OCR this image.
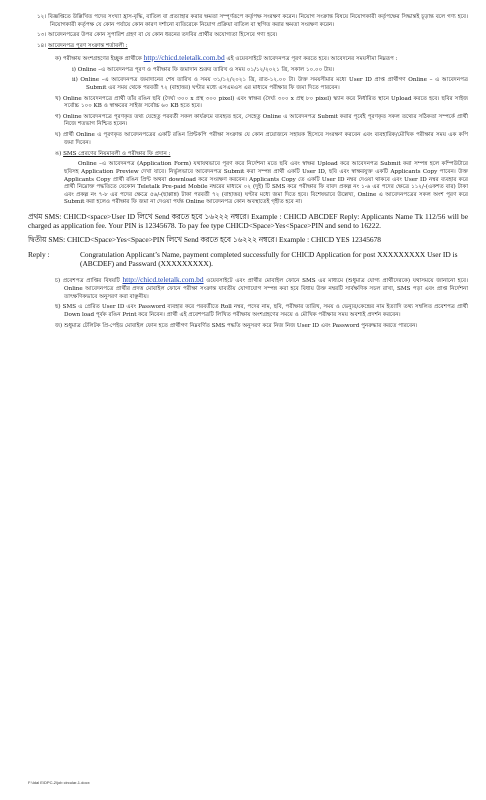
১২। বিজ্ঞপ্তিতে উল্লিখিত পদের সংখ্যা হ্রাস-বৃদ্ধি, বাতিল বা প্রত্যাহার করার ক্ষমতা সম্পূর্ণরূপে কর্তৃপক্ষ সংরক্ষণ করেন। নিয়োগ সংক্রান্ত বিষয়ে নিয়োগকারী কর্তৃপক্ষের সিদ্ধান্তই চূড়ান্ত বলে গণ্য হবে। নিয়োগকারী কর্তৃপক্ষ যে কোন পর্যায়ে কোন কারণ দর্শানো ব্যতিরেকে নিয়োগ প্রক্রিয়া বাতিল বা স্থগিত করার ক্ষমতা সংরক্ষণ করেন।

১৩। আবেদনপত্রের উপর কোন সুপারিশ গ্রহণ বা যে কোন ধরনের তদবির প্রার্থীর অযোগ্যতা হিসেবে গণ্য হবে।

১৪। আবেদনপত্র পূরণ সংক্রান্ত শর্তাবলী :

ক) পরীক্ষায় অংশগ্রহণের ইচ্ছুক প্রার্থীকে http://chicd.teletalk.com.bd এই ওয়েবসাইটে আবেদনপত্র পূরণ করতে হবে। আবেদনের সময়সীমা নিম্নরূপ :

i) Online –এ আবেদনপত্র পূরণ ও পরীক্ষার ফি জমাদান শুরুর তারিখ ও সময় ০১/১২/২০২১ খ্রি, সকাল ১০.০০ টায়।

ii) Online –এ আবেদনপত্র জমাদানের শেষ তারিখ ও সময় ৩১/১২/২০২১ খ্রি, রাত-১২.০০ টা। উক্ত সময়সীমার মধ্যে User ID প্রাপ্ত প্রার্থীগণ Online – এ আবেদনপত্র Submit এর সময় থেকে পরবর্তী ৭২ (বাহাত্তর) ঘণ্টার মধ্যে এসএমএস এর মাধ্যমে পরীক্ষার ফি জমা দিতে পারবেন।

খ) Online আবেদনপত্রে প্রার্থী তাঁর রঙিন ছবি (দৈর্ঘ্য ৩০০ x প্রস্থ ৩০০ pixel) এবং স্বাক্ষর (দৈর্ঘ্য ৩০০ x প্রস্থ ৮০ pixel) স্ক্যান করে নির্ধারিত স্থানে Upload করতে হবে। ছবির সাইজ সর্বোচ্চ ১০০ KB ও স্বাক্ষরের সাইজ সর্বোচ্চ ৬০ KB হতে হবে।

গ) Online আবেদনপত্রে পূরণকৃত তথ্য যেহেতু পরবর্তী সকল কার্যক্রমে ব্যবহৃত হবে, সেহেতু Online এ আবেদনপত্র Submit করার পূর্বেই পূরণকৃত সকল তথ্যের সঠিকতা সম্পর্কে প্রার্থী নিজে শতভাগ নিশ্চিত হবেন।

ঘ) প্রার্থী Online এ পূরণকৃত আবেদনপত্রের একটি রঙিন প্রিন্টকপি পরীক্ষা সংক্রান্ত যে কোন প্রয়োজনে সহায়ক হিসেবে সংরক্ষণ করবেন এবং ব্যবহারিক/মৌখিক পরীক্ষার সময় এক কপি জমা দিবেন।

ঙ) SMS প্রেরণের নিয়মাবলী ও পরীক্ষার ফি প্রদান :

Online –এ আবেদনপত্র (Application Form) যথাযথভাবে পূরণ করে নির্দেশনা মতে ছবি এবং স্বাক্ষর Upload করে আবেদনপত্র Submit করা সম্পন্ন হলে কম্পিউটারে ছবিসহ Application Preview দেখা যাবে। নির্ভুলভাবে আবেদনপত্র Submit করা সম্পন্ন প্রার্থী একটি User ID, ছবি এবং স্বাক্ষরযুক্ত একটি Applicants Copy পাবেন। উক্ত Applicants Copy প্রার্থী রঙিন প্রিন্ট অথবা download করে সংরক্ষণ করবেন। Applicants Copy তে একটি User ID নম্বর দেওয়া থাকবে এবং User ID নম্বর ব্যবহার করে প্রার্থী নিম্নোক্ত পদ্ধতিতে যেকোন Teletalk Pre-paid Mobile নম্বরের মাধ্যমে ০২ (দুই) টি SMS করে পরীক্ষার ফি বাবদ প্রকল্প নং ১-৬ এর পদের ক্ষেত্রে ১১২/-(একশত বার) টাকা এবং প্রকল্প নং ৭-৮ এর পদের ক্ষেত্রে ৫৬/-(ছাপ্পান্ন) টাকা পরবর্তী ৭২ (বাহাত্তর) ঘণ্টার মধ্যে জমা দিতে হবে। বিশেষভাবে উল্লেখ্য, Online এ আবেদনপত্রের সকল অংশ পূরণ করে Submit করা হলেও পরীক্ষার ফি জমা না দেওয়া পর্যন্ত Online আবেদনপত্র কোন অবস্থাতেই গৃহীত হবে না।

প্রথম SMS: CHICD<space>User ID লিখে Send করতে হবে ১৬২২২ নম্বরে। Example : CHICD ABCDEF Reply: Applicants Name Tk 112/56 will be charged as application fee. Your PIN is 12345678. To pay fee type CHICD<Space>Yes<Space>PIN and send to 16222.

দ্বিতীয় SMS: CHICD<Space>Yes<Space>PIN লিখে Send করতে হবে ১৬২২২ নম্বরে। Example : CHICD YES 12345678

Reply :	Congratulation Applicant’s Name, payment completed successfully for CHICD Application for post XXXXXXXXX User ID is (ABCDEF) and Passward (XXXXXXXXX).

চ) প্রবেশপত্র প্রাপ্তির বিষয়টি http://chicd.teletalk.com.bd ওয়েবসাইটে এবং প্রার্থীর মোবাইল ফোনে SMS এর মাধ্যমে (শুধুমাত্র যোগ্য প্রার্থীদেরকে) যথাসময়ে জানানো হবে। Online আবেদনপত্রে প্রার্থীর প্রদত্ত মোবাইল ফোনে পরীক্ষা সংক্রান্ত যাবতীয় যোগাযোগ সম্পন্ন করা হবে বিধায় উক্ত নম্বরটি সার্বক্ষণিক সচল রাখা, SMS পড়া এবং প্রাপ্ত নির্দেশনা তাৎক্ষণিকভাবে অনুসরণ করা বাঞ্ছনীয়।

ছ) SMS এ প্রেরিত User ID এবং Password ব্যবহার করে পরবর্তীতে Roll নম্বর, পদের নাম, ছবি, পরীক্ষার তারিখ, সময় ও ভেন্যুর/কেন্দ্রের নাম ইত্যাদি তথ্য সম্বলিত প্রবেশপত্র প্রার্থী Down load পূর্বক রঙিন Print করে নিবেন। প্রার্থী এই প্রবেশপত্রটি লিখিত পরীক্ষায় অংশগ্রহণের সময়ে ও মৌখিক পরীক্ষার সময় অবশ্যই প্রদর্শন করবেন।

জ) শুধুমাত্র টেলিটক প্রি-পেইড মোবাইল ফোন হতে প্রার্থীগণ নিম্নবর্ণিত SMS পদ্ধতি অনুসরণ করে নিজ নিজ User ID এবং Password পুনরুদ্ধার করতে পারবেন।

F:\Idal E\DPC-2\job circular-1.docx
